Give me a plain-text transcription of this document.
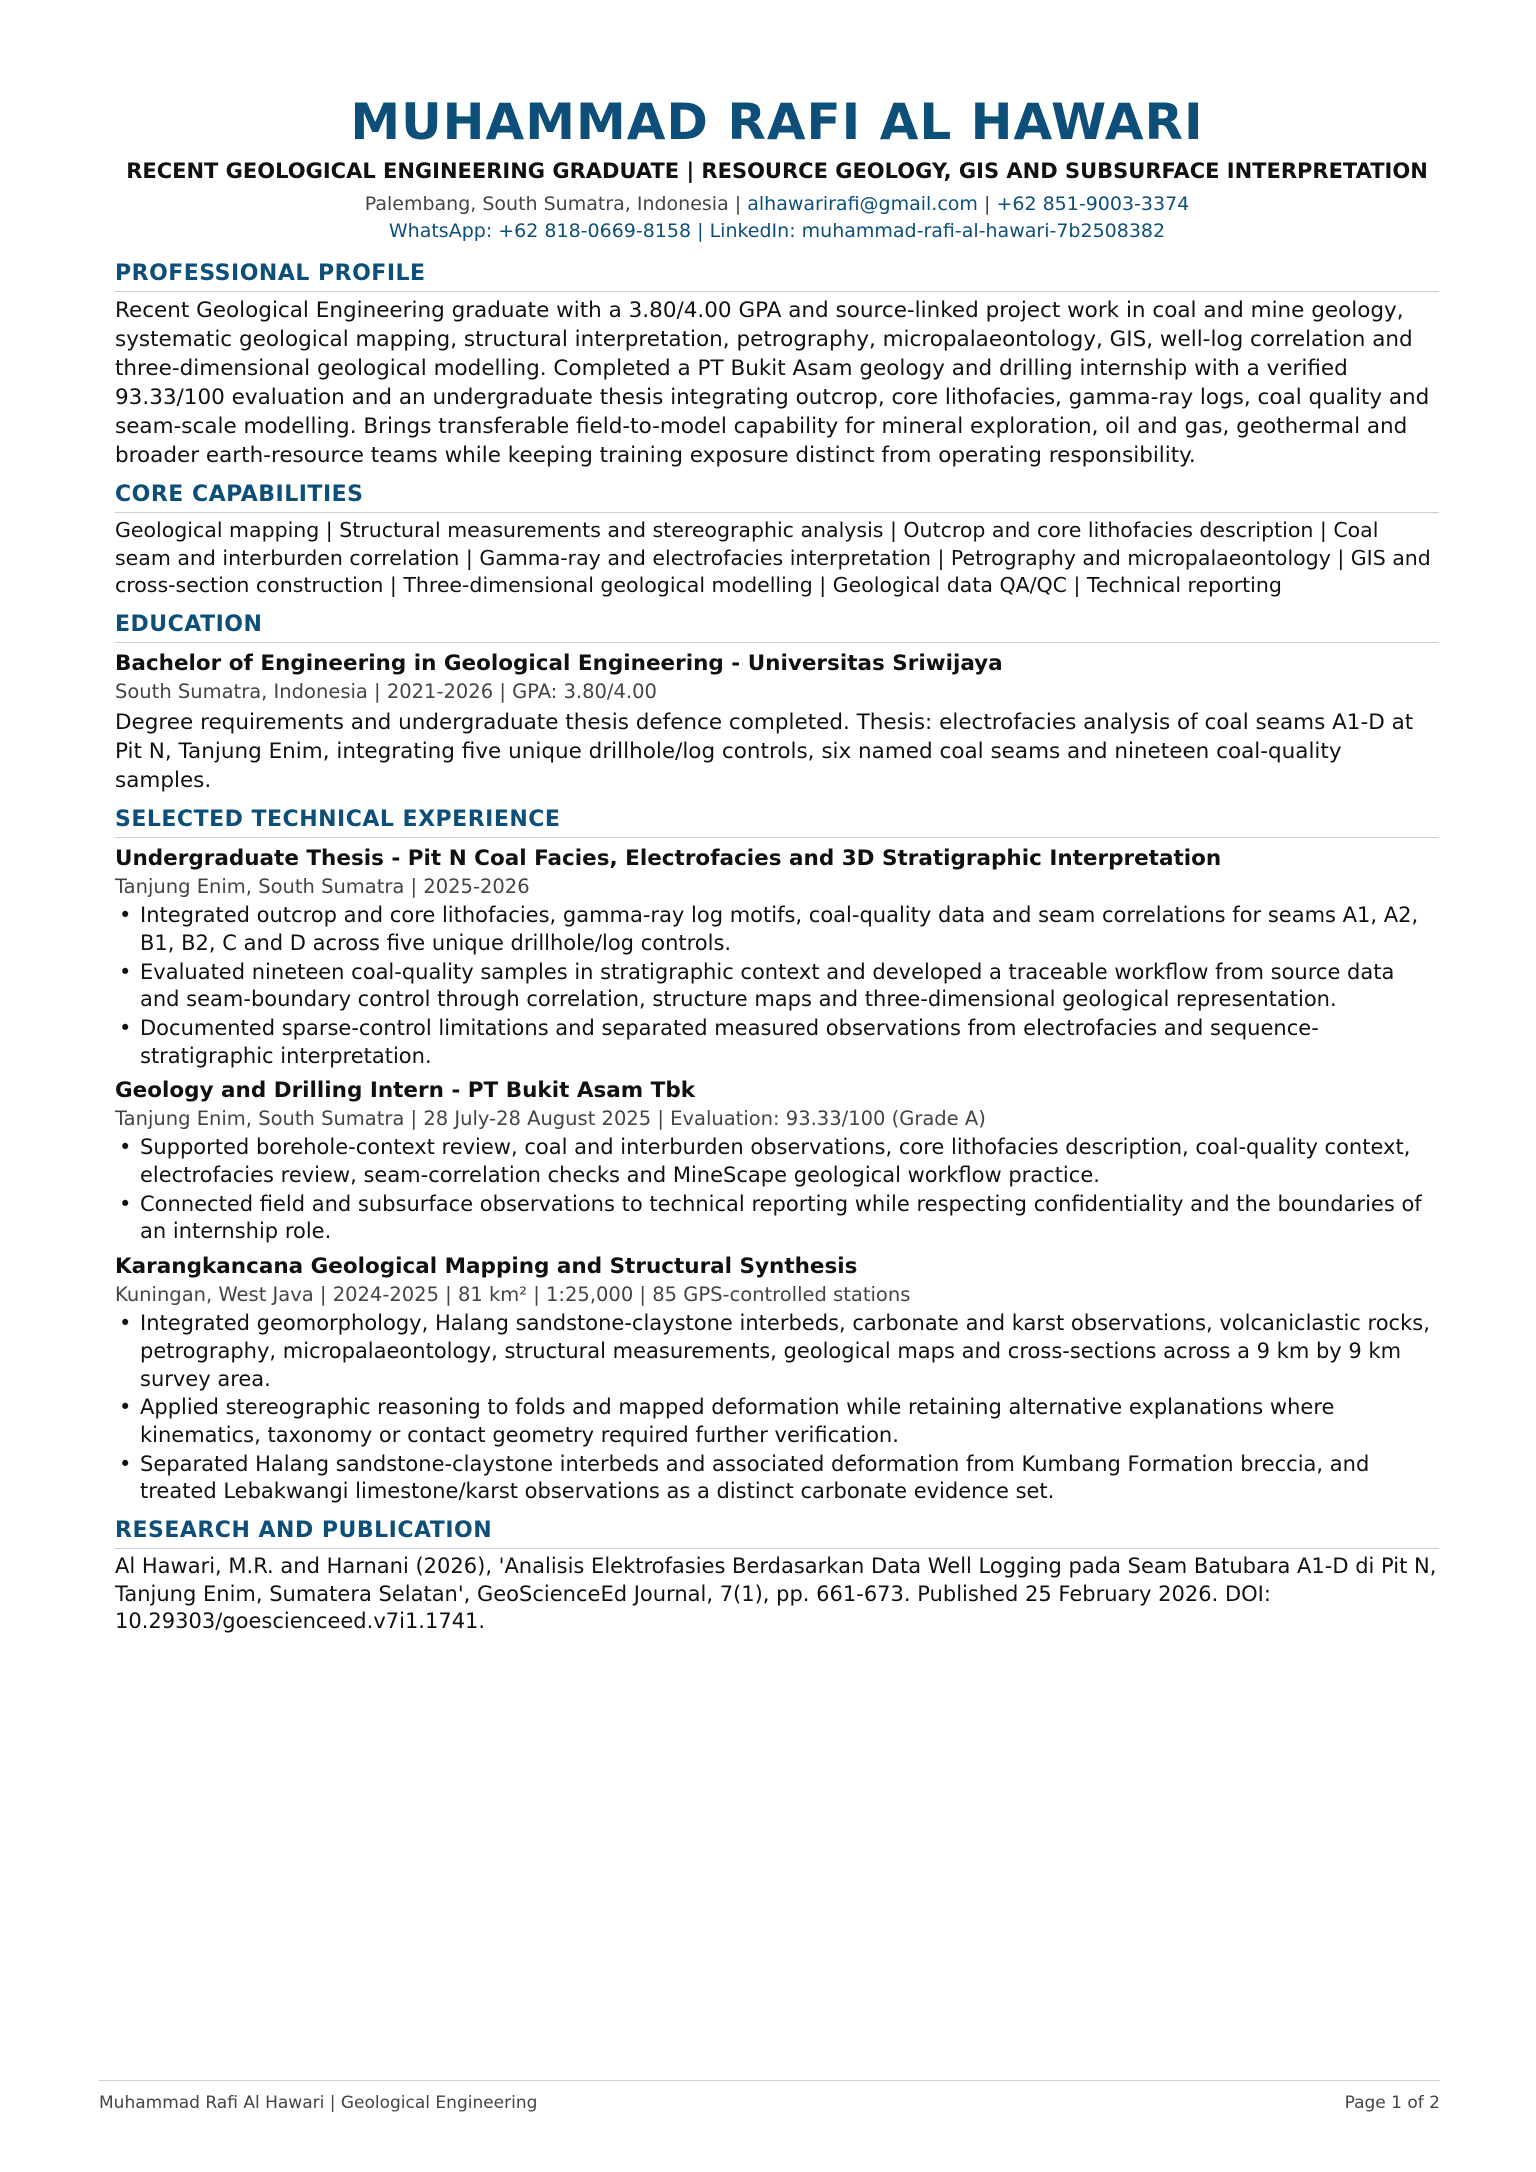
MUHAMMAD RAFI AL HAWARI
RECENT GEOLOGICAL ENGINEERING GRADUATE | RESOURCE GEOLOGY, GIS AND SUBSURFACE INTERPRETATION
Palembang, South Sumatra, Indonesia | alhawarirafi@gmail.com | +62 851-9003-3374
WhatsApp: +62 818-0669-8158 | LinkedIn: muhammad-rafi-al-hawari-7b2508382
PROFESSIONAL PROFILE
Recent Geological Engineering graduate with a 3.80/4.00 GPA and source-linked project work in coal and mine geology, systematic geological mapping, structural interpretation, petrography, micropalaeontology, GIS, well-log correlation and three-dimensional geological modelling. Completed a PT Bukit Asam geology and drilling internship with a verified 93.33/100 evaluation and an undergraduate thesis integrating outcrop, core lithofacies, gamma-ray logs, coal quality and seam-scale modelling. Brings transferable field-to-model capability for mineral exploration, oil and gas, geothermal and broader earth-resource teams while keeping training exposure distinct from operating responsibility.
CORE CAPABILITIES
Geological mapping | Structural measurements and stereographic analysis | Outcrop and core lithofacies description | Coal seam and interburden correlation | Gamma-ray and electrofacies interpretation | Petrography and micropalaeontology | GIS and cross-section construction | Three-dimensional geological modelling | Geological data QA/QC | Technical reporting
EDUCATION
Bachelor of Engineering in Geological Engineering - Universitas Sriwijaya
South Sumatra, Indonesia | 2021-2026 | GPA: 3.80/4.00
Degree requirements and undergraduate thesis defence completed. Thesis: electrofacies analysis of coal seams A1-D at Pit N, Tanjung Enim, integrating five unique drillhole/log controls, six named coal seams and nineteen coal-quality samples.
SELECTED TECHNICAL EXPERIENCE
Undergraduate Thesis - Pit N Coal Facies, Electrofacies and 3D Stratigraphic Interpretation
Tanjung Enim, South Sumatra | 2025-2026
• Integrated outcrop and core lithofacies, gamma-ray log motifs, coal-quality data and seam correlations for seams A1, A2, B1, B2, C and D across five unique drillhole/log controls.
• Evaluated nineteen coal-quality samples in stratigraphic context and developed a traceable workflow from source data and seam-boundary control through correlation, structure maps and three-dimensional geological representation.
• Documented sparse-control limitations and separated measured observations from electrofacies and sequence-stratigraphic interpretation.
Geology and Drilling Intern - PT Bukit Asam Tbk
Tanjung Enim, South Sumatra | 28 July-28 August 2025 | Evaluation: 93.33/100 (Grade A)
• Supported borehole-context review, coal and interburden observations, core lithofacies description, coal-quality context, electrofacies review, seam-correlation checks and MineScape geological workflow practice.
• Connected field and subsurface observations to technical reporting while respecting confidentiality and the boundaries of an internship role.
Karangkancana Geological Mapping and Structural Synthesis
Kuningan, West Java | 2024-2025 | 81 km² | 1:25,000 | 85 GPS-controlled stations
• Integrated geomorphology, Halang sandstone-claystone interbeds, carbonate and karst observations, volcaniclastic rocks, petrography, micropalaeontology, structural measurements, geological maps and cross-sections across a 9 km by 9 km survey area.
• Applied stereographic reasoning to folds and mapped deformation while retaining alternative explanations where kinematics, taxonomy or contact geometry required further verification.
• Separated Halang sandstone-claystone interbeds and associated deformation from Kumbang Formation breccia, and treated Lebakwangi limestone/karst observations as a distinct carbonate evidence set.
RESEARCH AND PUBLICATION
Al Hawari, M.R. and Harnani (2026), 'Analisis Elektrofasies Berdasarkan Data Well Logging pada Seam Batubara A1-D di Pit N, Tanjung Enim, Sumatera Selatan', GeoScienceEd Journal, 7(1), pp. 661-673. Published 25 February 2026. DOI: 10.29303/goescienceed.v7i1.1741.
Muhammad Rafi Al Hawari | Geological Engineering	Page 1 of 2
